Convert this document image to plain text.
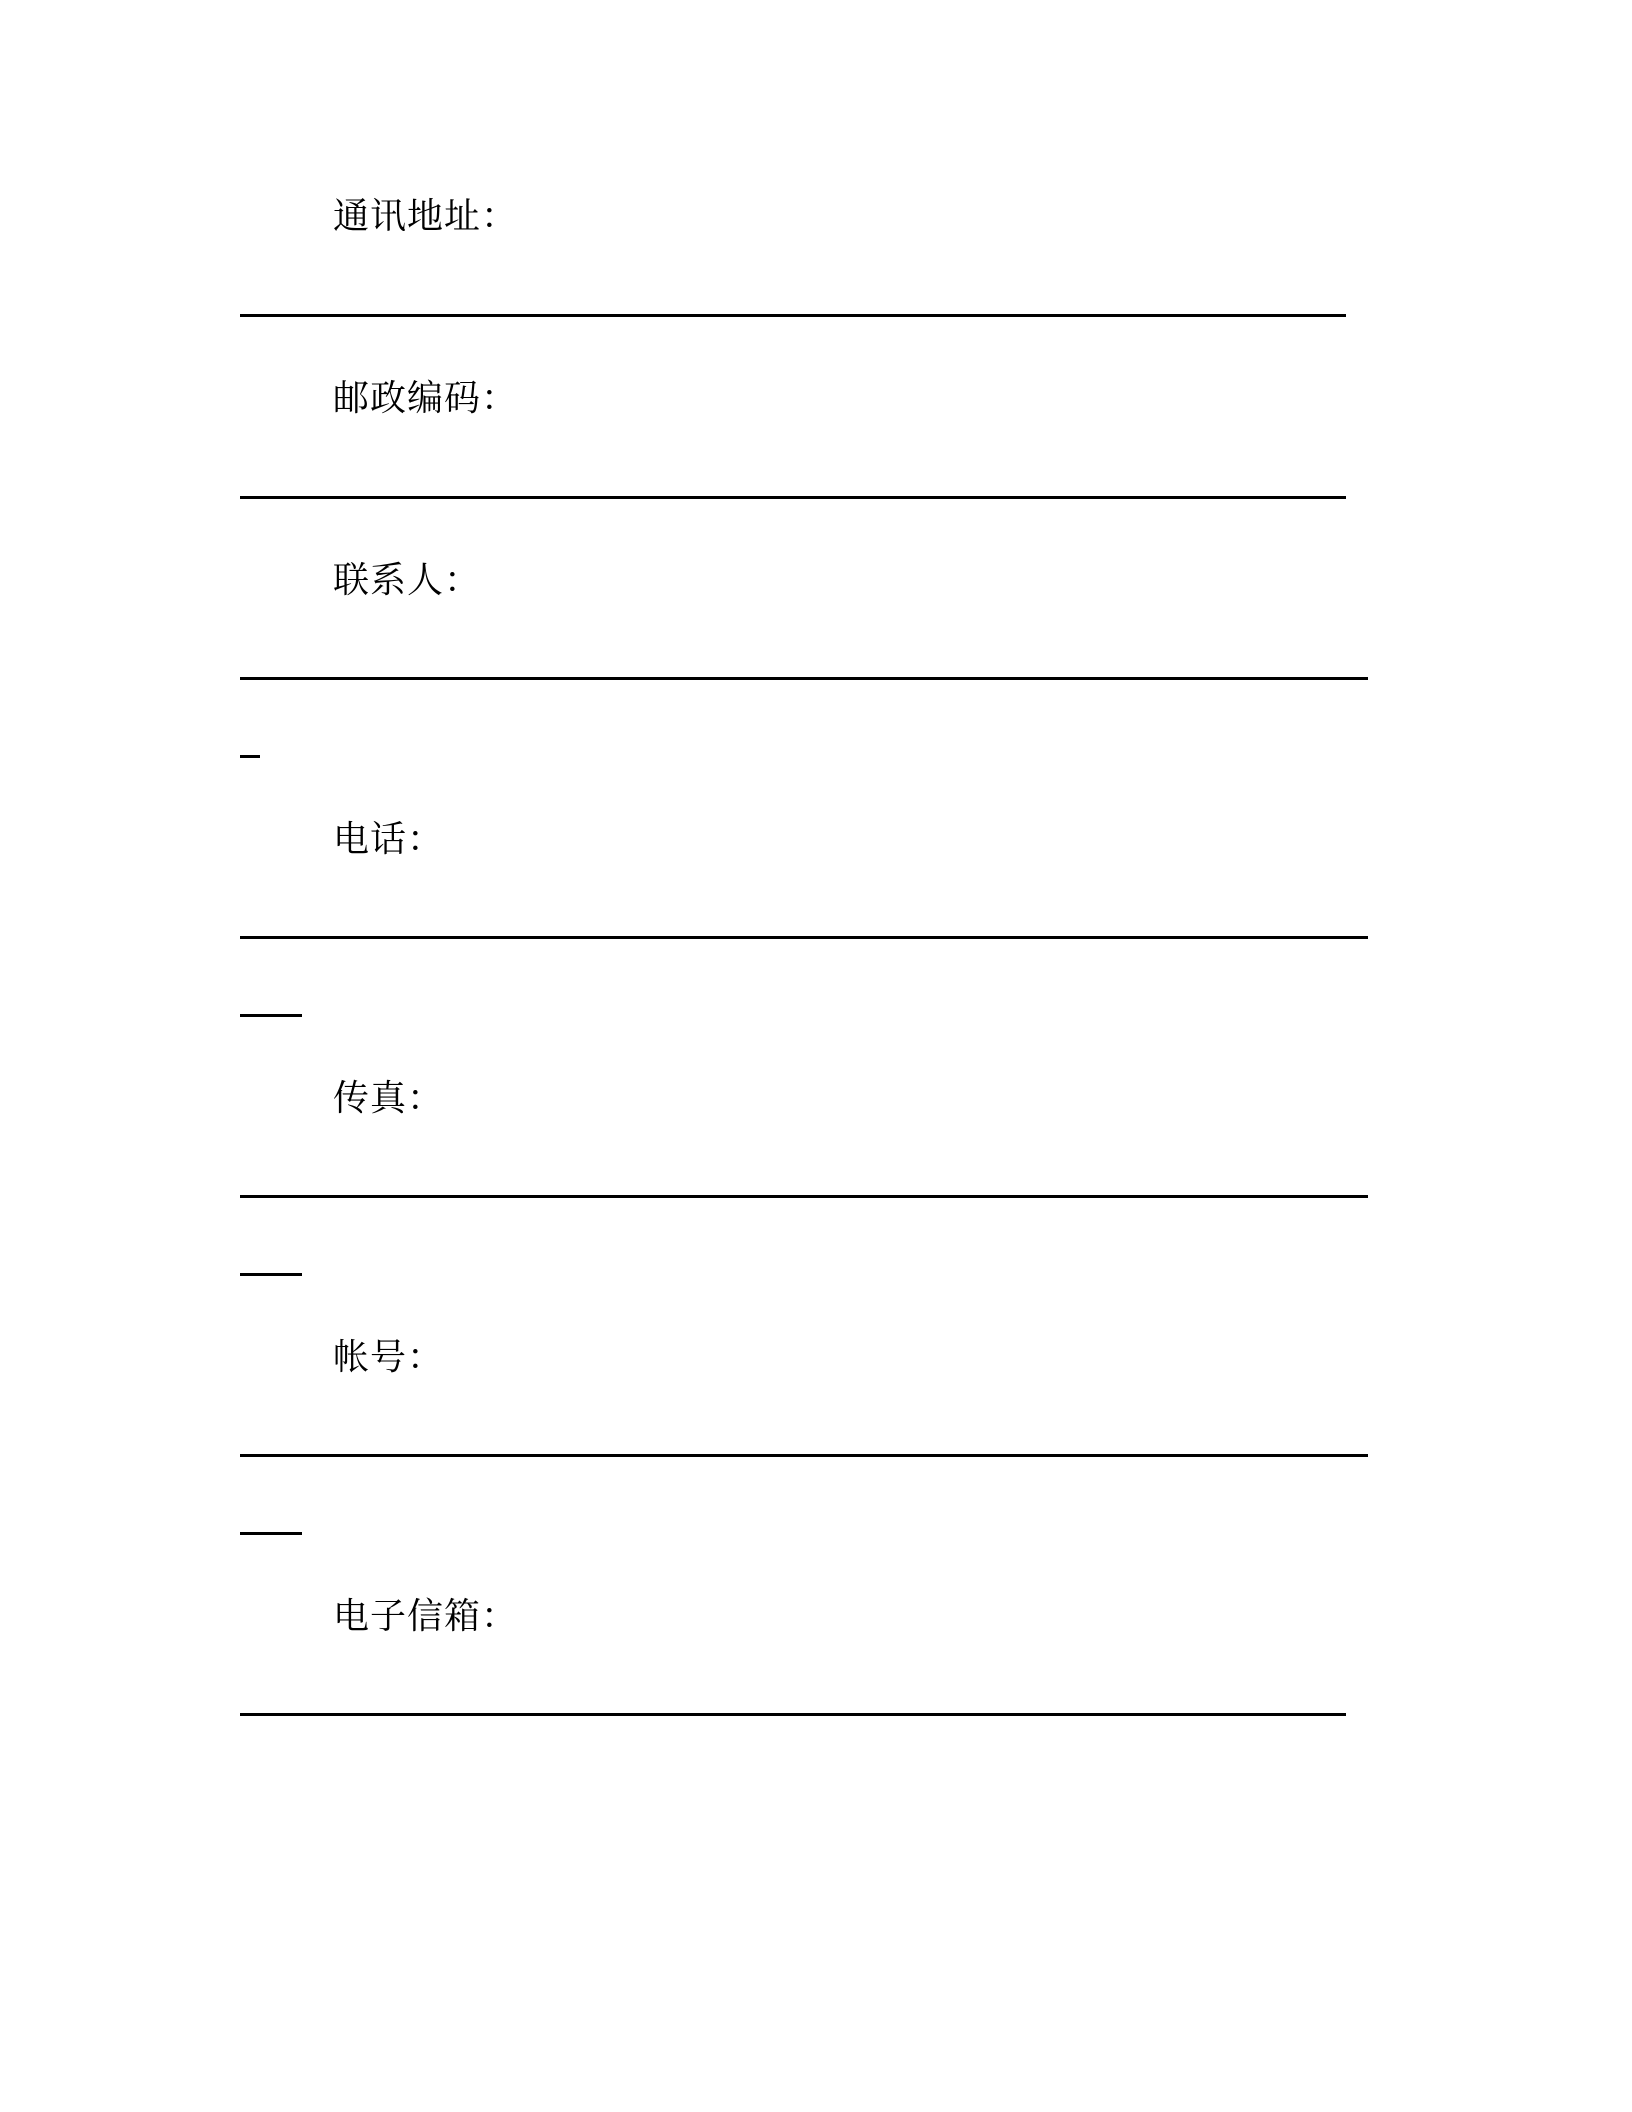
通讯地址：
邮政编码：
联系人：
电话：
传真：
帐号：
电子信箱：
